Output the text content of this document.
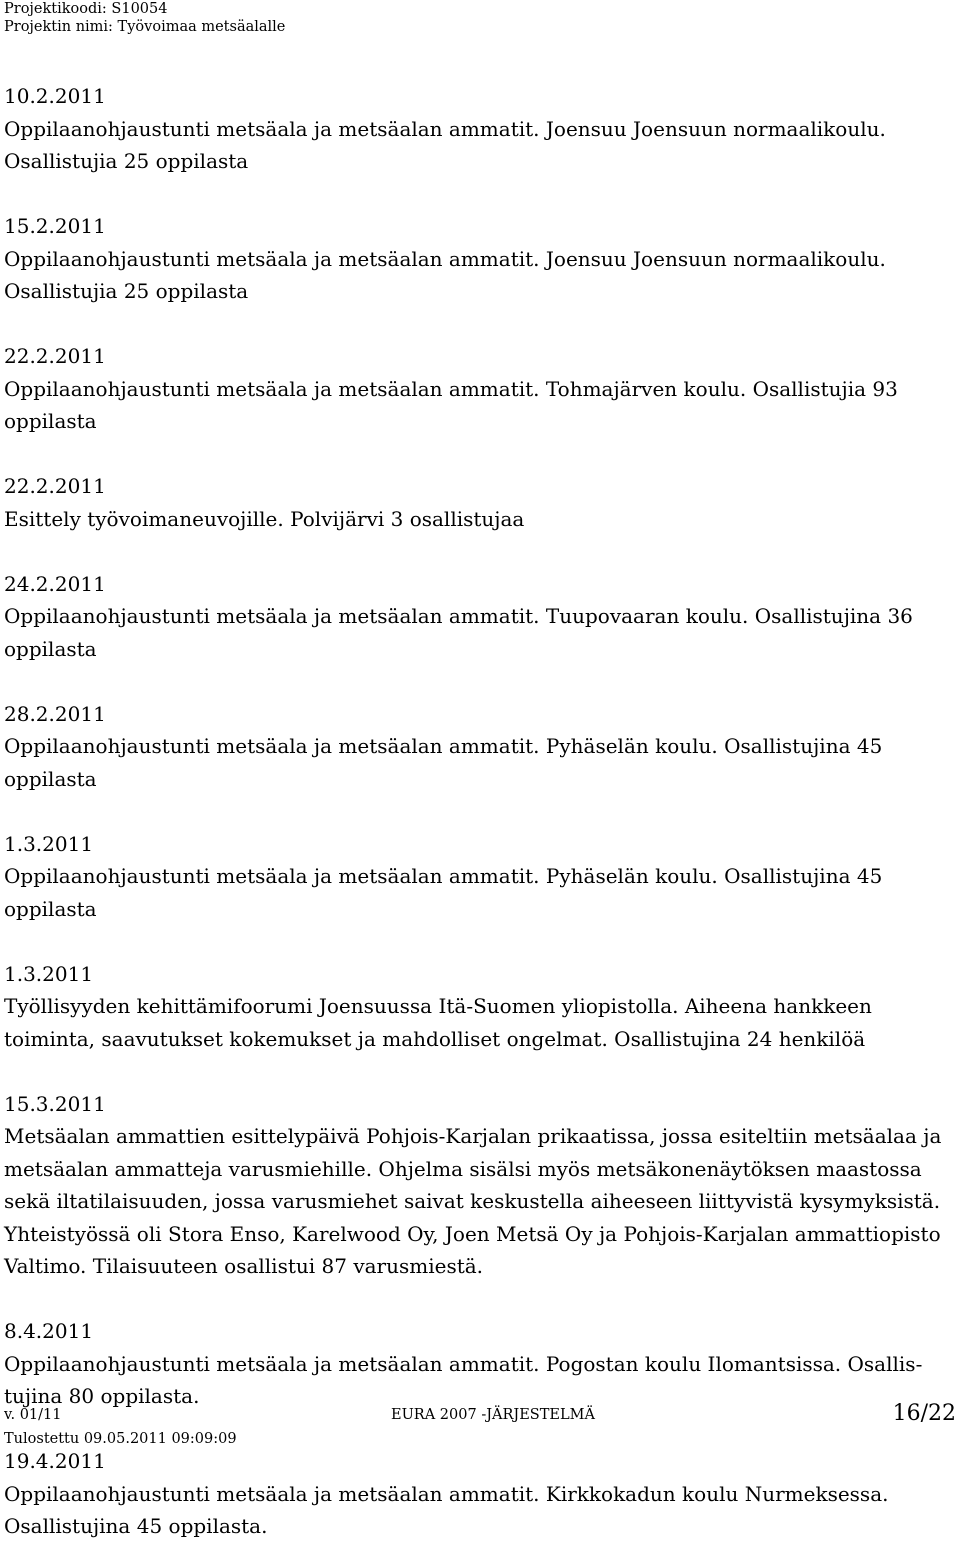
Projektikoodi: S10054
Projektin nimi: Työvoimaa metsäalalle
10.2.2011
Oppilaanohjaustunti metsäala ja metsäalan ammatit. Joensuu Joensuun normaalikoulu. Osallistujia 25 oppilasta
15.2.2011
Oppilaanohjaustunti metsäala ja metsäalan ammatit. Joensuu Joensuun normaalikoulu. Osallistujia 25 oppilasta
22.2.2011
Oppilaanohjaustunti metsäala ja metsäalan ammatit. Tohmajärven koulu. Osallistujia 93 oppilasta
22.2.2011
Esittely työvoimaneuvojille. Polvijärvi 3 osallistujaa
24.2.2011
Oppilaanohjaustunti metsäala ja metsäalan ammatit. Tuupovaaran koulu. Osallistujina 36 oppilasta
28.2.2011
Oppilaanohjaustunti metsäala ja metsäalan ammatit. Pyhäselän koulu. Osallistujina 45 oppilasta
1.3.2011
Oppilaanohjaustunti metsäala ja metsäalan ammatit. Pyhäselän koulu. Osallistujina 45 oppilasta
1.3.2011
Työllisyyden kehittämifoorumi Joensuussa Itä-Suomen yliopistolla. Aiheena hankkeen toiminta, saavutukset kokemukset ja mahdolliset ongelmat. Osallistujina 24 henkilöä
15.3.2011
Metsäalan ammattien esittelypäivä Pohjois-Karjalan prikaatissa, jossa esiteltiin metsäalaa ja metsäalan ammatteja varusmiehille. Ohjelma sisälsi myös metsäkonenäytöksen maastossa sekä iltatilaisuuden, jossa varusmiehet saivat keskustella aiheeseen liittyvistä kysymyksistä. Yhteistyössä oli Stora Enso, Karelwood Oy, Joen Metsä Oy ja Pohjois-Karjalan ammattiopisto Valtimo. Tilaisuuteen osallistui 87 varusmiestä.
8.4.2011
Oppilaanohjaustunti metsäala ja metsäalan ammatit. Pogostan koulu Ilomantsissa. Osallis-tujina 80 oppilasta.
19.4.2011
Oppilaanohjaustunti metsäala ja metsäalan ammatit. Kirkkokadun koulu Nurmeksessa. Osallistujina 45 oppilasta.
v. 01/11
Tulostettu 09.05.2011 09:09:09
EURA 2007 -JÄRJESTELMÄ	16/22
